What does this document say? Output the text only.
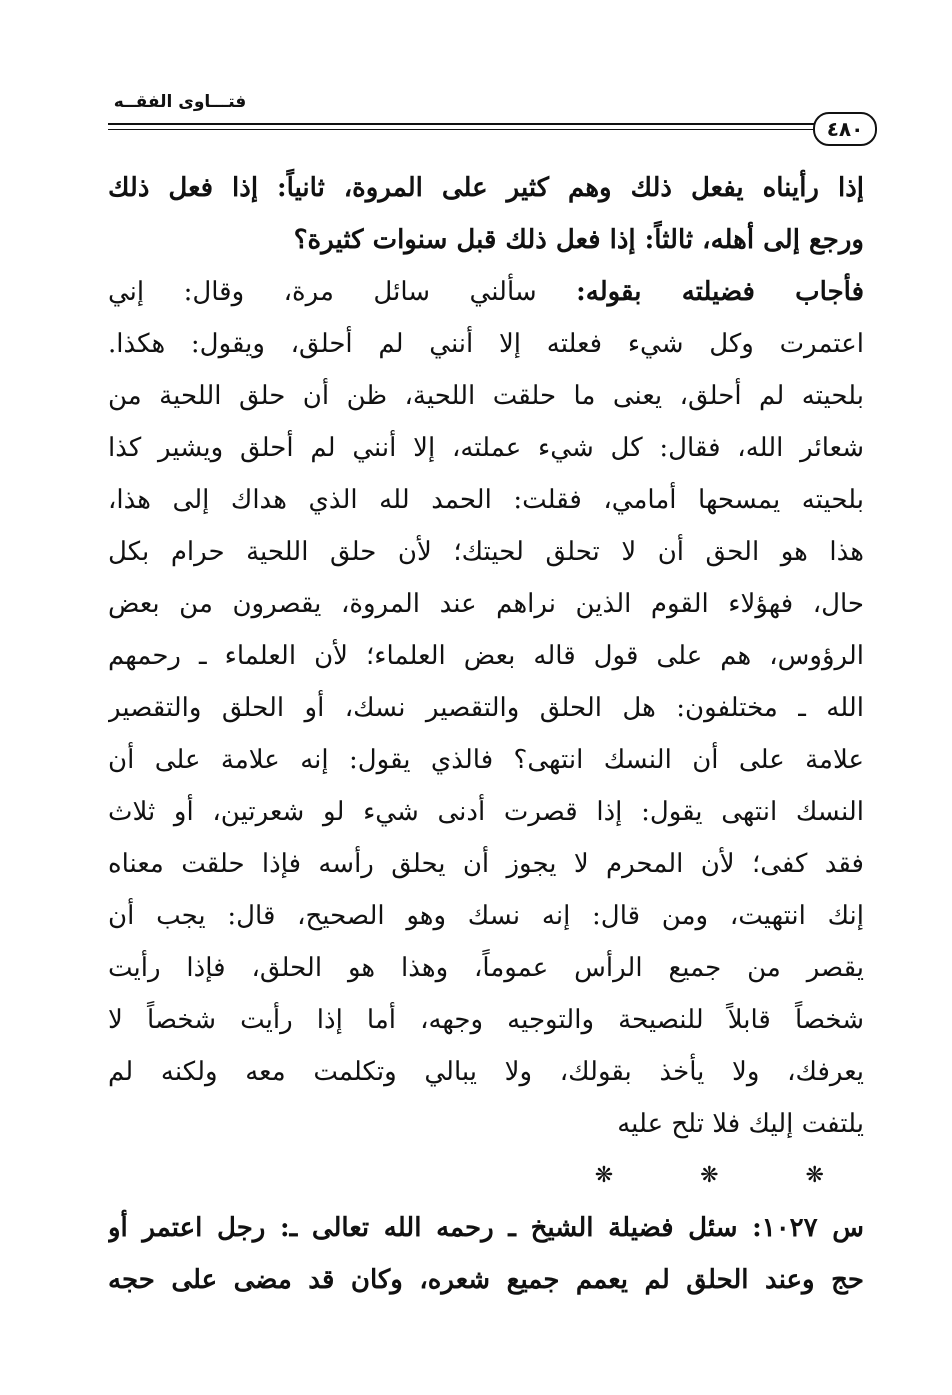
فتـــاوى الفقــه
٤٨٠
إذا رأيناه يفعل ذلك وهم كثير على المروة، ثانياً: إذا فعل ذلك
ورجع إلى أهله، ثالثاً: إذا فعل ذلك قبل سنوات كثيرة؟
فأجاب فضيلته بقوله: سألني سائل مرة، وقال: إني
اعتمرت وكل شيء فعلته إلا أنني لم أحلق، ويقول: هكذا.
بلحيته لم أحلق، يعنى ما حلقت اللحية، ظن أن حلق اللحية من
شعائر الله، فقال: كل شيء عملته، إلا أنني لم أحلق ويشير كذا
بلحيته يمسحها أمامي، فقلت: الحمد لله الذي هداك إلى هذا،
هذا هو الحق أن لا تحلق لحيتك؛ لأن حلق اللحية حرام بكل
حال، فهؤلاء القوم الذين نراهم عند المروة، يقصرون من بعض
الرؤوس، هم على قول قاله بعض العلماء؛ لأن العلماء ـ رحمهم
الله ـ مختلفون: هل الحلق والتقصير نسك، أو الحلق والتقصير
علامة على أن النسك انتهى؟ فالذي يقول: إنه علامة على أن
النسك انتهى يقول: إذا قصرت أدنى شيء لو شعرتين، أو ثلاث
فقد كفى؛ لأن المحرم لا يجوز أن يحلق رأسه فإذا حلقت معناه
إنك انتهيت، ومن قال: إنه نسك وهو الصحيح، قال: يجب أن
يقصر من جميع الرأس عموماً، وهذا هو الحلق، فإذا رأيت
شخصاً قابلاً للنصيحة والتوجيه وجهه، أما إذا رأيت شخصاً لا
يعرفك، ولا يأخذ بقولك، ولا يبالي وتكلمت معه ولكنه لم
يلتفت إليك فلا تلح عليه
❋ ❋ ❋
س ١٠٢٧: سئل فضيلة الشيخ ـ رحمه الله تعالى ـ: رجل اعتمر أو
حج وعند الحلق لم يعمم جميع شعره، وكان قد مضى على حجه
